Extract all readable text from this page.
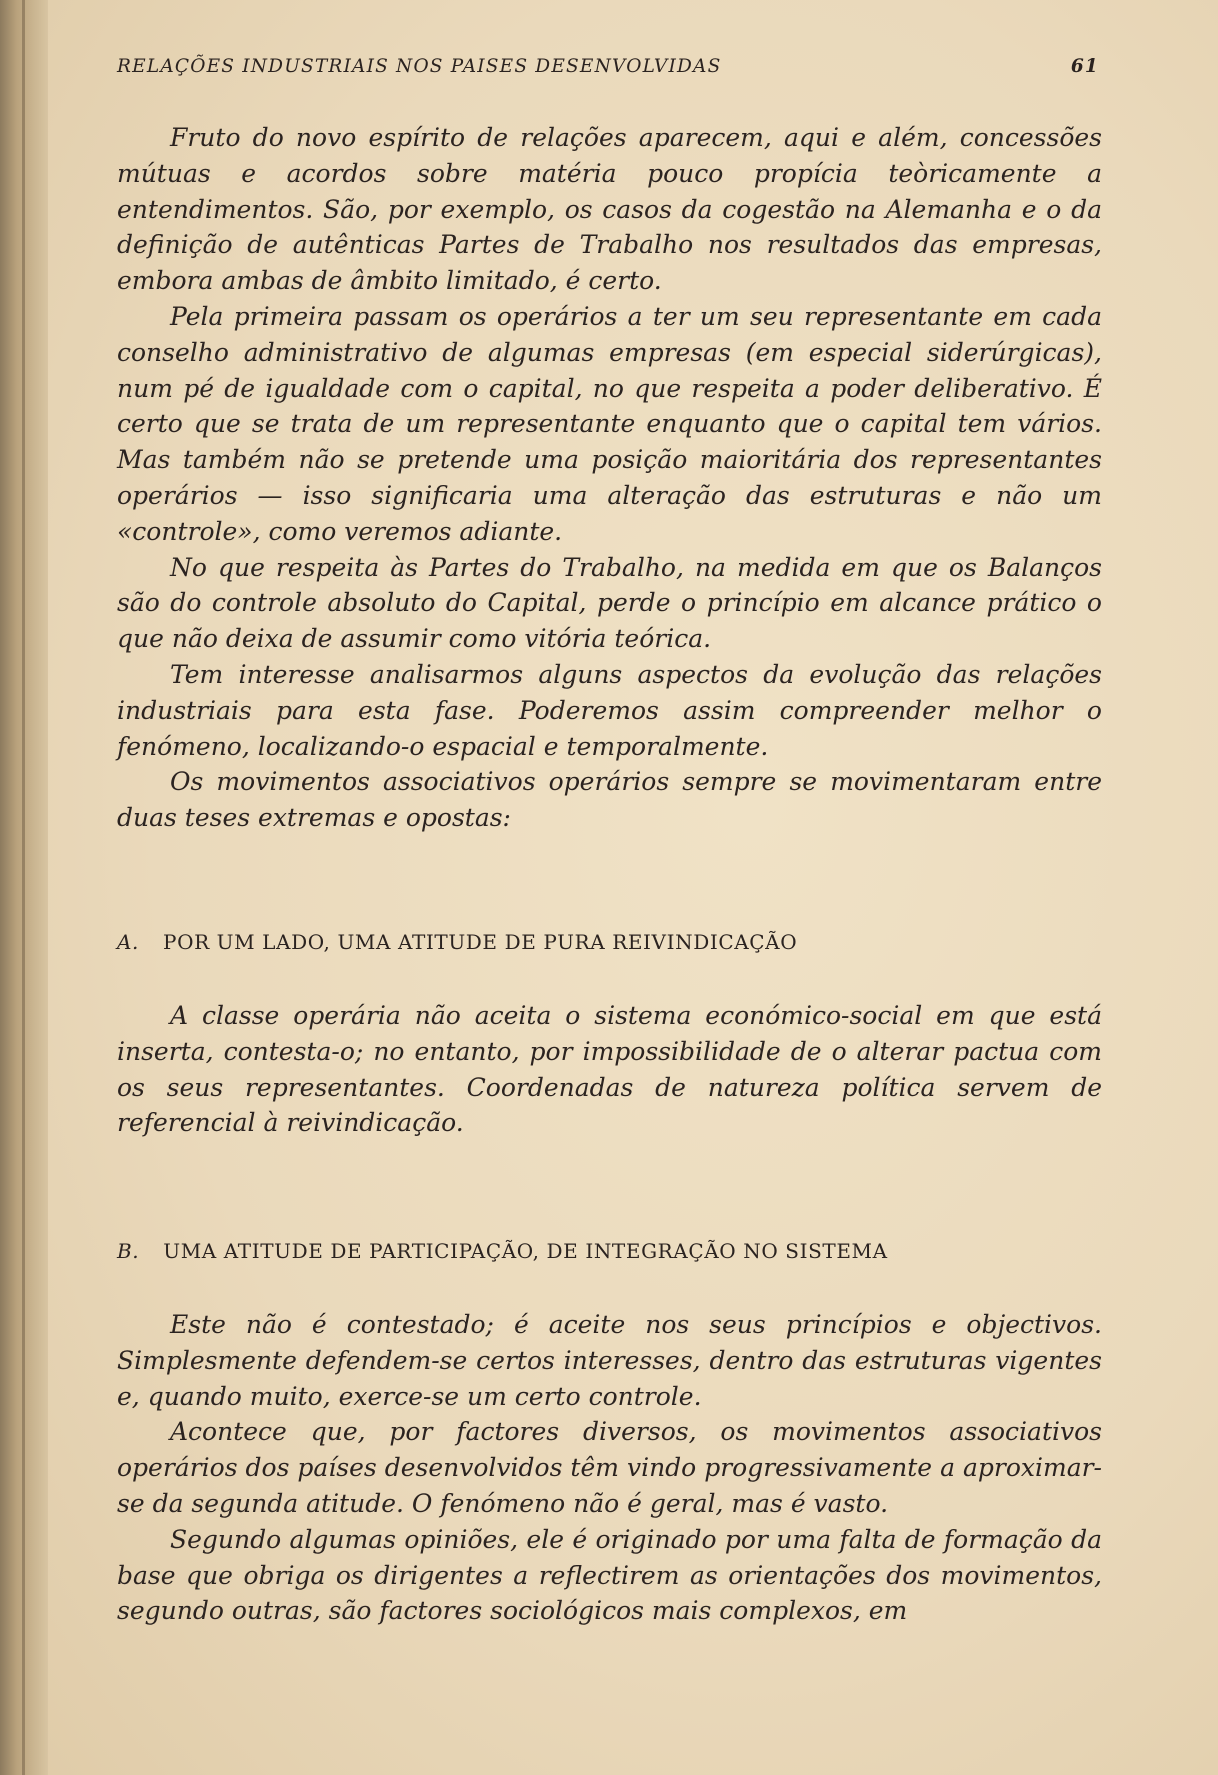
RELAÇÕES INDUSTRIAIS NOS PAISES DESENVOLVIDAS	61

Fruto do novo espírito de relações aparecem, aqui e além, concessões mútuas e acordos sobre matéria pouco propícia teòricamente a entendimentos. São, por exemplo, os casos da cogestão na Alemanha e o da definição de autênticas Partes de Trabalho nos resultados das empresas, embora ambas de âmbito limitado, é certo.

Pela primeira passam os operários a ter um seu representante em cada conselho administrativo de algumas empresas (em especial siderúrgicas), num pé de igualdade com o capital, no que respeita a poder deliberativo. É certo que se trata de um representante enquanto que o capital tem vários. Mas também não se pretende uma posição maioritária dos representantes operários — isso significaria uma alteração das estruturas e não um «controle», como veremos adiante.

No que respeita às Partes do Trabalho, na medida em que os Balanços são do controle absoluto do Capital, perde o princípio em alcance prático o que não deixa de assumir como vitória teórica.

Tem interesse analisarmos alguns aspectos da evolução das relações industriais para esta fase. Poderemos assim compreender melhor o fenómeno, localizando-o espacial e temporalmente.

Os movimentos associativos operários sempre se movimentaram entre duas teses extremas e opostas:

A. POR UM LADO, UMA ATITUDE DE PURA REIVINDICAÇÃO

A classe operária não aceita o sistema económico-social em que está inserta, contesta-o; no entanto, por impossibilidade de o alterar pactua com os seus representantes. Coordenadas de natureza política servem de referencial à reivindicação.

B. UMA ATITUDE DE PARTICIPAÇÃO, DE INTEGRAÇÃO NO SISTEMA

Este não é contestado; é aceite nos seus princípios e objectivos. Simplesmente defendem-se certos interesses, dentro das estruturas vigentes e, quando muito, exerce-se um certo controle.

Acontece que, por factores diversos, os movimentos associativos operários dos países desenvolvidos têm vindo progressivamente a aproximar-se da segunda atitude. O fenómeno não é geral, mas é vasto.

Segundo algumas opiniões, ele é originado por uma falta de formação da base que obriga os dirigentes a reflectirem as orientações dos movimentos, segundo outras, são factores sociológicos mais complexos, em
